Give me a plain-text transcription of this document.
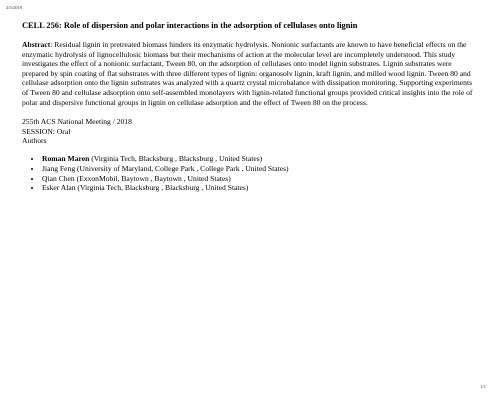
2/5/2019
CELL 256: Role of dispersion and polar interactions in the adsorption of cellulases onto lignin
Abstract: Residual lignin in pretreated biomass hinders its enzymatic hydrolysis. Nonionic surfactants are known to have beneficial effects on the enzymatic hydrolysis of lignocellulosic biomass but their mechanisms of action at the molecular level are incompletely understood. This study investigates the effect of a nonionic surfactant, Tween 80, on the adsorption of cellulases onto model lignin substrates. Lignin substrates were prepared by spin coating of flat substrates with three different types of lignin: organosolv lignin, kraft lignin, and milled wood lignin. Tween 80 and cellulase adsorption onto the lignin substrates was analyzed with a quartz crystal microbalance with dissipation monitoring. Supporting experiments of Tween 80 and cellulase adsorption onto self-assembled monolayers with lignin-related functional groups provided critical insights into the role of polar and dispersive functional groups in lignin on cellulase adsorption and the effect of Tween 80 on the process.
255th ACS National Meeting / 2018
SESSION: Oral
Authors
• Roman Maren (Virginia Tech, Blacksburg , Blacksburg , United States)
• Jiang Feng (University of Maryland, College Park , College Park , United States)
• Qian Chen (ExxonMobil, Baytown , Baytown , United States)
• Esker Alan (Virginia Tech, Blacksburg , Blacksburg , United States)
1/1
